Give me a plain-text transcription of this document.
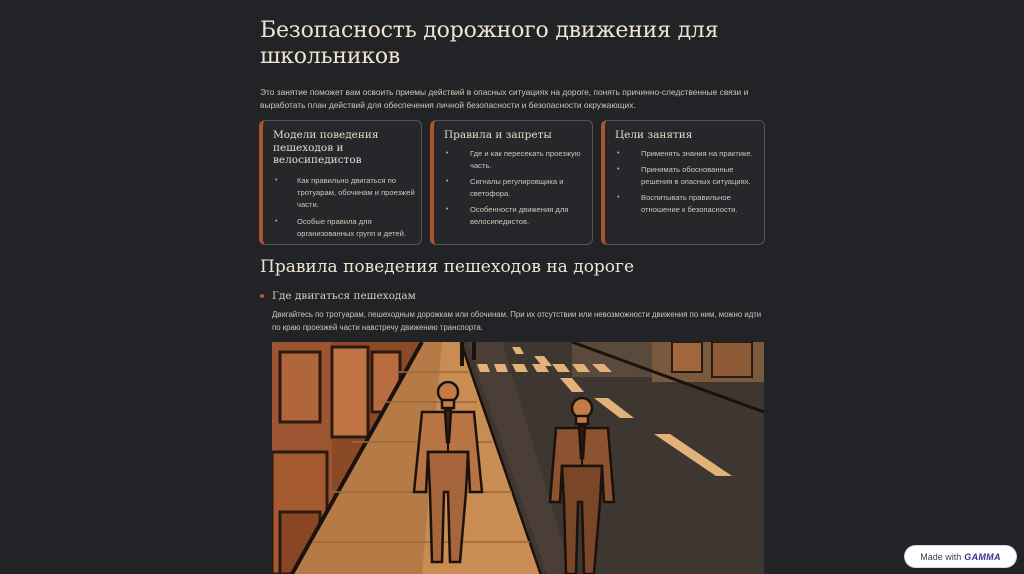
Безопасность дорожного движения для школьников

Это занятие поможет вам освоить приемы действий в опасных ситуациях на дороге, понять причинно-следственные связи и выработать план действий для обеспечения личной безопасности и безопасности окружающих.

Модели поведения пешеходов и велосипедистов
• Как правильно двигаться по тротуарам, обочинам и проезжей части.
• Особые правила для организованных групп и детей.
Правила и запреты
• Где и как пересекать проезжую часть.
• Сигналы регулировщика и светофора.
• Особенности движения для велосипедистов.
Цели занятия
• Применять знания на практике.
• Принимать обоснованные решения в опасных ситуациях.
• Воспитывать правильное отношение к безопасности.
Правила поведения пешеходов на дороге
Где двигаться пешеходам

Двигайтесь по тротуарам, пешеходным дорожкам или обочинам. При их отсутствии или невозможности движения по ним, можно идти по краю проезжей части навстречу движению транспорта.

Made with GAMMA
